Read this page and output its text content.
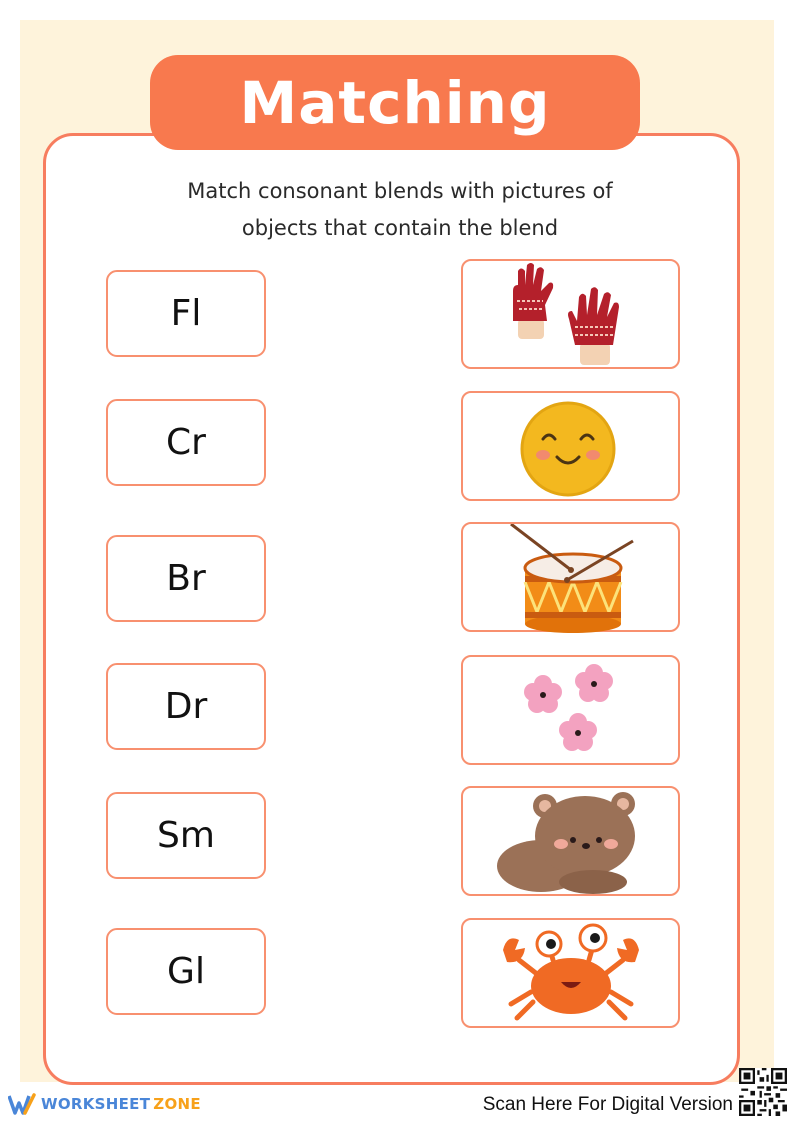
Matching
Match consonant blends with pictures of
objects that contain the blend
Fl
Cr
Br
Dr
Sm
Gl
WORKSHEET ZONE	Scan Here For Digital Version
